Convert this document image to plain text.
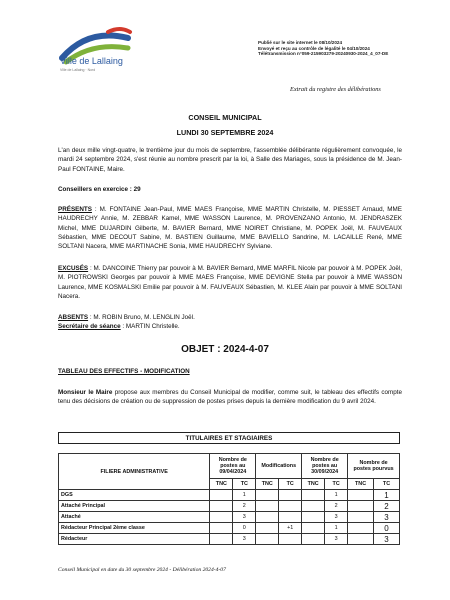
Ville de Lallaing
Ville de Lallaing · Nord
Publié sur le site internet le 08/10/2024
Envoyé et reçu au contrôle de légalité le 04/10/2024
Télétransmission n°059-215903279-20240930-2024_4_07-DE
Extrait du registre des délibérations
CONSEIL MUNICIPAL
LUNDI 30 SEPTEMBRE 2024
L'an deux mille vingt-quatre, le trentième jour du mois de septembre, l'assemblée délibérante régulièrement convoquée, le mardi 24 septembre 2024, s'est réunie au nombre prescrit par la loi, à Salle des Mariages, sous la présidence de M. Jean-Paul FONTAINE, Maire.
Conseillers en exercice : 29
PRÉSENTS : M. FONTAINE Jean-Paul, MME MAES Françoise, MME MARTIN Christelle, M. PIESSET Arnaud, MME HAUDRECHY Annie, M. ZEBBAR Kamel, MME WASSON Laurence, M. PROVENZANO Antonio, M. JENDRASZEK Michel, MME DUJARDIN Gilberte, M. BAVIER Bernard, MME NOIRET Christiane, M. POPEK Joël, M. FAUVEAUX Sébastien, MME DECOUT Sabine, M. BASTIEN Guillaume, MME BAVIELLO Sandrine, M. LACAILLE René, MME SOLTANI Nacera, MME MARTINACHE Sonia, MME HAUDRECHY Sylviane.
EXCUSÉS : M. DANCOINE Thierry par pouvoir à M. BAVIER Bernard, MME MARFIL Nicole par pouvoir à M. POPEK Joël, M. PIOTROWSKI Georges par pouvoir à MME MAES Françoise, MME DEVIGNE Stella par pouvoir à MME WASSON Laurence, MME KOSMALSKI Emilie par pouvoir à M. FAUVEAUX Sébastien, M. KLEE Alain par pouvoir à MME SOLTANI Nacera.
ABSENTS : M. ROBIN Bruno, M. LENGLIN Joël.
Secrétaire de séance : MARTIN Christelle.
OBJET : 2024-4-07
TABLEAU DES EFFECTIFS - MODIFICATION
Monsieur le Maire propose aux membres du Conseil Municipal de modifier, comme suit, le tableau des effectifs compte tenu des décisions de création ou de suppression de postes prises depuis la dernière modification du 9 avril 2024.
TITULAIRES ET STAGIAIRES
FILIERE ADMINISTRATIVE	Nombre de postes au 09/04/2024		Modifications		Nombre de postes au 30/09/2024		Nombre de postes pourvus	
	TNC	TC	TNC	TC	TNC	TC	TNC	TC
DGS		1				1		1
Attaché Principal		2				2		2
Attaché		3				3		3
Rédacteur Principal 2ème classe		0		+1		1		0
Rédacteur		3				3		3
Conseil Municipal en date du 30 septembre 2024 - Délibération 2024-4-07
